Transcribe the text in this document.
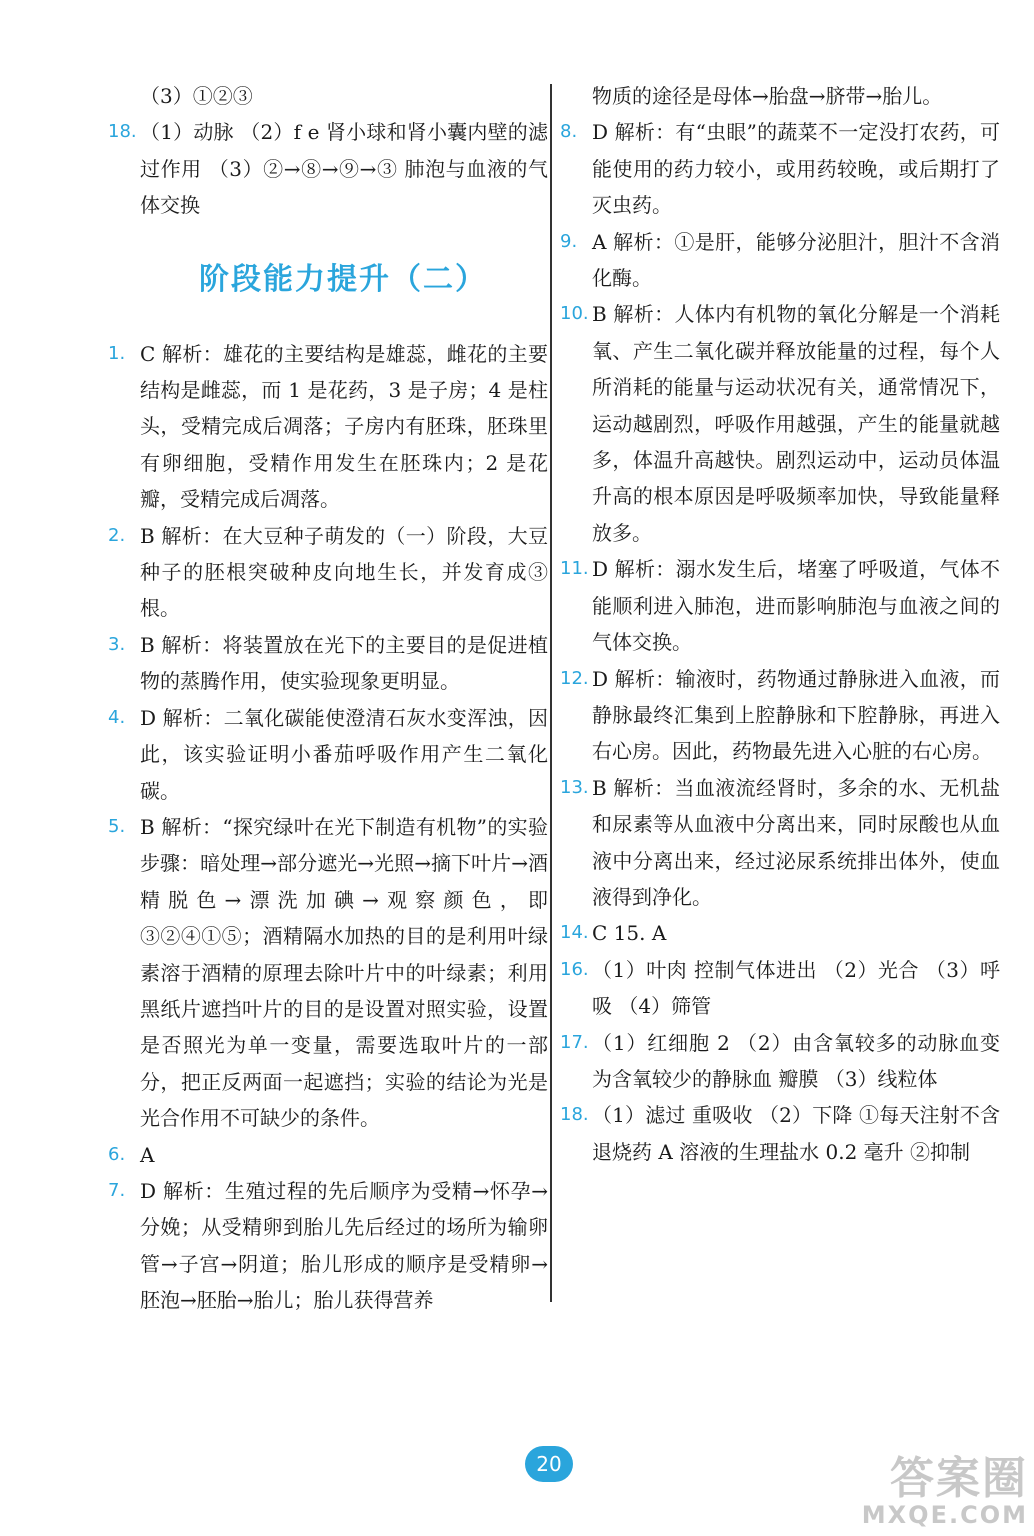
（3）①②③
18. （1）动脉 （2）f e 肾小球和肾小囊内壁的滤过作用 （3）②→⑧→⑨→③ 肺泡与血液的气体交换
阶段能力提升（二）
1. C 解析：雄花的主要结构是雄蕊，雌花的主要结构是雌蕊，而 1 是花药，3 是子房；4 是柱头，受精完成后凋落；子房内有胚珠，胚珠里有卵细胞，受精作用发生在胚珠内；2 是花瓣，受精完成后凋落。
2. B 解析：在大豆种子萌发的（一）阶段，大豆种子的胚根突破种皮向地生长，并发育成③根。
3. B 解析：将装置放在光下的主要目的是促进植物的蒸腾作用，使实验现象更明显。
4. D 解析：二氧化碳能使澄清石灰水变浑浊，因此，该实验证明小番茄呼吸作用产生二氧化碳。
5. B 解析：“探究绿叶在光下制造有机物”的实验步骤：暗处理→部分遮光→光照→摘下叶片→酒精脱色→漂洗加碘→观察颜色，即③②④①⑤；酒精隔水加热的目的是利用叶绿素溶于酒精的原理去除叶片中的叶绿素；利用黑纸片遮挡叶片的目的是设置对照实验，设置是否照光为单一变量，需要选取叶片的一部分，把正反两面一起遮挡；实验的结论为光是光合作用不可缺少的条件。
6. A
7. D 解析：生殖过程的先后顺序为受精→怀孕→分娩；从受精卵到胎儿先后经过的场所为输卵管→子宫→阴道；胎儿形成的顺序是受精卵→胚泡→胚胎→胎儿；胎儿获得营养
物质的途径是母体→胎盘→脐带→胎儿。
8. D 解析：有“虫眼”的蔬菜不一定没打农药，可能使用的药力较小，或用药较晚，或后期打了灭虫药。
9. A 解析：①是肝，能够分泌胆汁，胆汁不含消化酶。
10. B 解析：人体内有机物的氧化分解是一个消耗氧、产生二氧化碳并释放能量的过程，每个人所消耗的能量与运动状况有关，通常情况下，运动越剧烈，呼吸作用越强，产生的能量就越多，体温升高越快。剧烈运动中，运动员体温升高的根本原因是呼吸频率加快，导致能量释放多。
11. D 解析：溺水发生后，堵塞了呼吸道，气体不能顺利进入肺泡，进而影响肺泡与血液之间的气体交换。
12. D 解析：输液时，药物通过静脉进入血液，而静脉最终汇集到上腔静脉和下腔静脉，再进入右心房。因此，药物最先进入心脏的右心房。
13. B 解析：当血液流经肾时，多余的水、无机盐和尿素等从血液中分离出来，同时尿酸也从血液中分离出来，经过泌尿系统排出体外，使血液得到净化。
14. C 15. A
16. （1）叶肉 控制气体进出 （2）光合 （3）呼吸 （4）筛管
17. （1）红细胞 2 （2）由含氧较多的动脉血变为含氧较少的静脉血 瓣膜 （3）线粒体
18. （1）滤过 重吸收 （2）下降 ①每天注射不含退烧药 A 溶液的生理盐水 0.2 毫升 ②抑制
20	答案圈
MXQE.COM
